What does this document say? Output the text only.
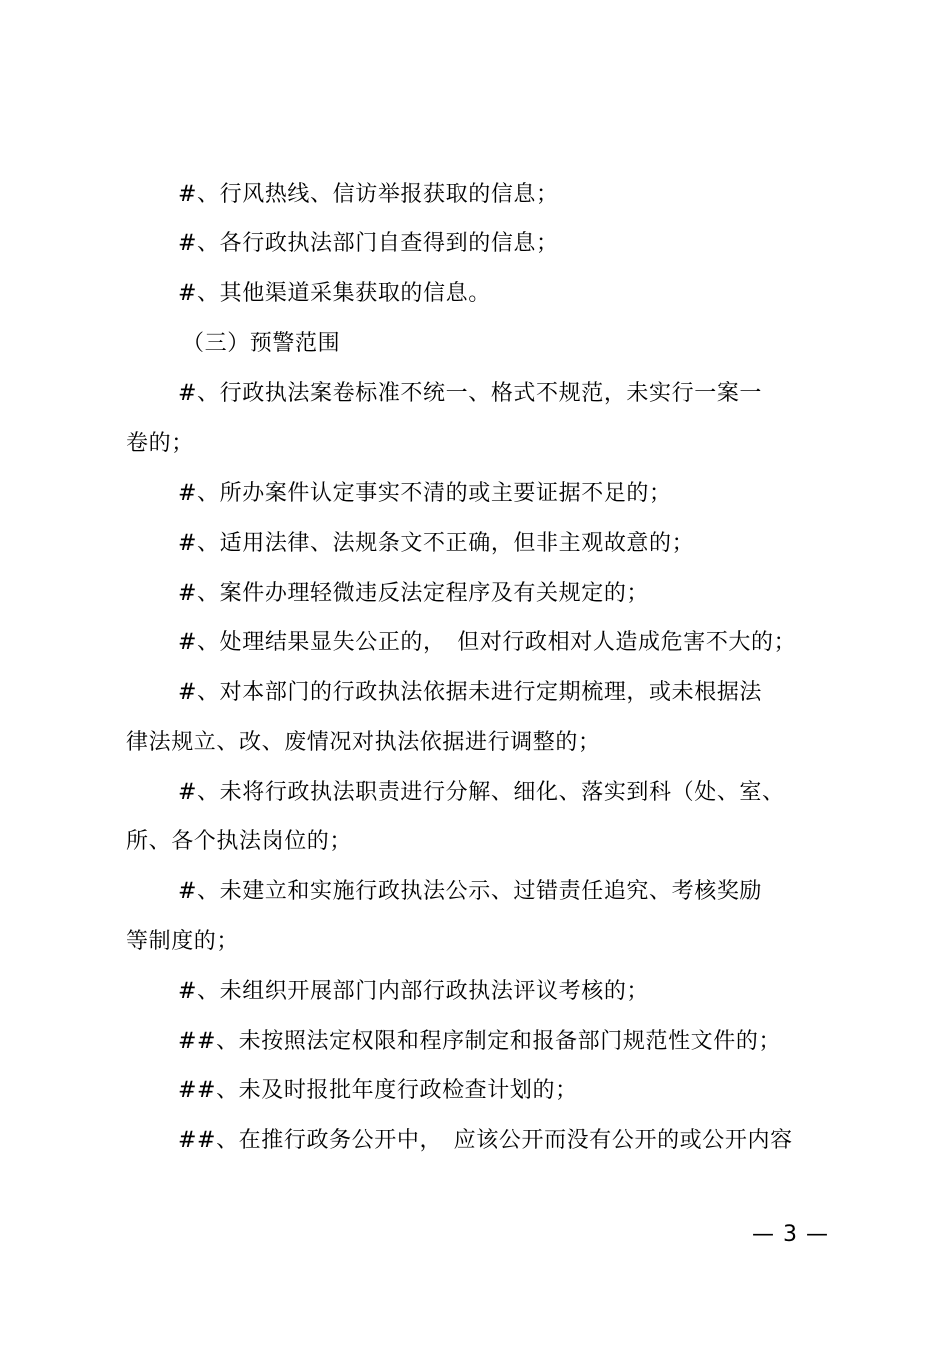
#、行风热线、信访举报获取的信息；
#、各行政执法部门自查得到的信息；
#、其他渠道采集获取的信息。
（三）预警范围
#、行政执法案卷标准不统一、格式不规范，未实行一案一
卷的；
#、所办案件认定事实不清的或主要证据不足的；
#、适用法律、法规条文不正确，但非主观故意的；
#、案件办理轻微违反法定程序及有关规定的；
#、处理结果显失公正的，　但对行政相对人造成危害不大的；
#、对本部门的行政执法依据未进行定期梳理，或未根据法
律法规立、改、废情况对执法依据进行调整的；
#、未将行政执法职责进行分解、细化、落实到科（处、室、
所、各个执法岗位的；
#、未建立和实施行政执法公示、过错责任追究、考核奖励
等制度的；
#、未组织开展部门内部行政执法评议考核的；
##、未按照法定权限和程序制定和报备部门规范性文件的；
##、未及时报批年度行政检查计划的；
##、在推行政务公开中，　应该公开而没有公开的或公开内容
— 3 —
